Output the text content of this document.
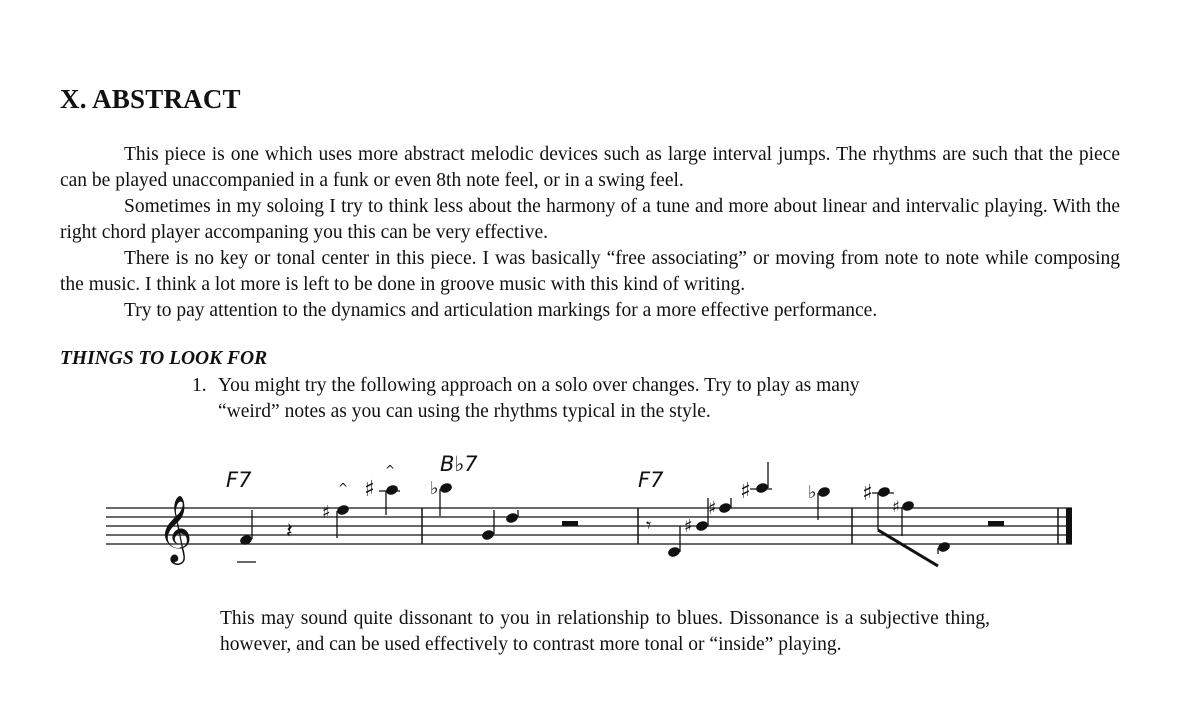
X. ABSTRACT

This piece is one which uses more abstract melodic devices such as large interval jumps. The rhythms are such that the piece can be played unaccompanied in a funk or even 8th note feel, or in a swing feel.

Sometimes in my soloing I try to think less about the harmony of a tune and more about linear and intervalic playing. With the right chord player accompaning you this can be very effective.

There is no key or tonal center in this piece. I was basically “free associating” or moving from note to note while composing the music. I think a lot more is left to be done in groove music with this kind of writing.

Try to pay attention to the dynamics and articulation markings for a more effective performance.

THINGS TO LOOK FOR
1. You might try the following approach on a solo over changes. Try to play as many
“weird” notes as you can using the rhythms typical in the style.
F7
B♭7
F7
𝄞	𝄽
♯
^ ♯
^
♭
𝄾 ♯
♯
♯	♭ ♯
♯
This may sound quite dissonant to you in relationship to blues. Dissonance is a subjective thing, however, and can be used effectively to contrast more tonal or “inside” playing.
